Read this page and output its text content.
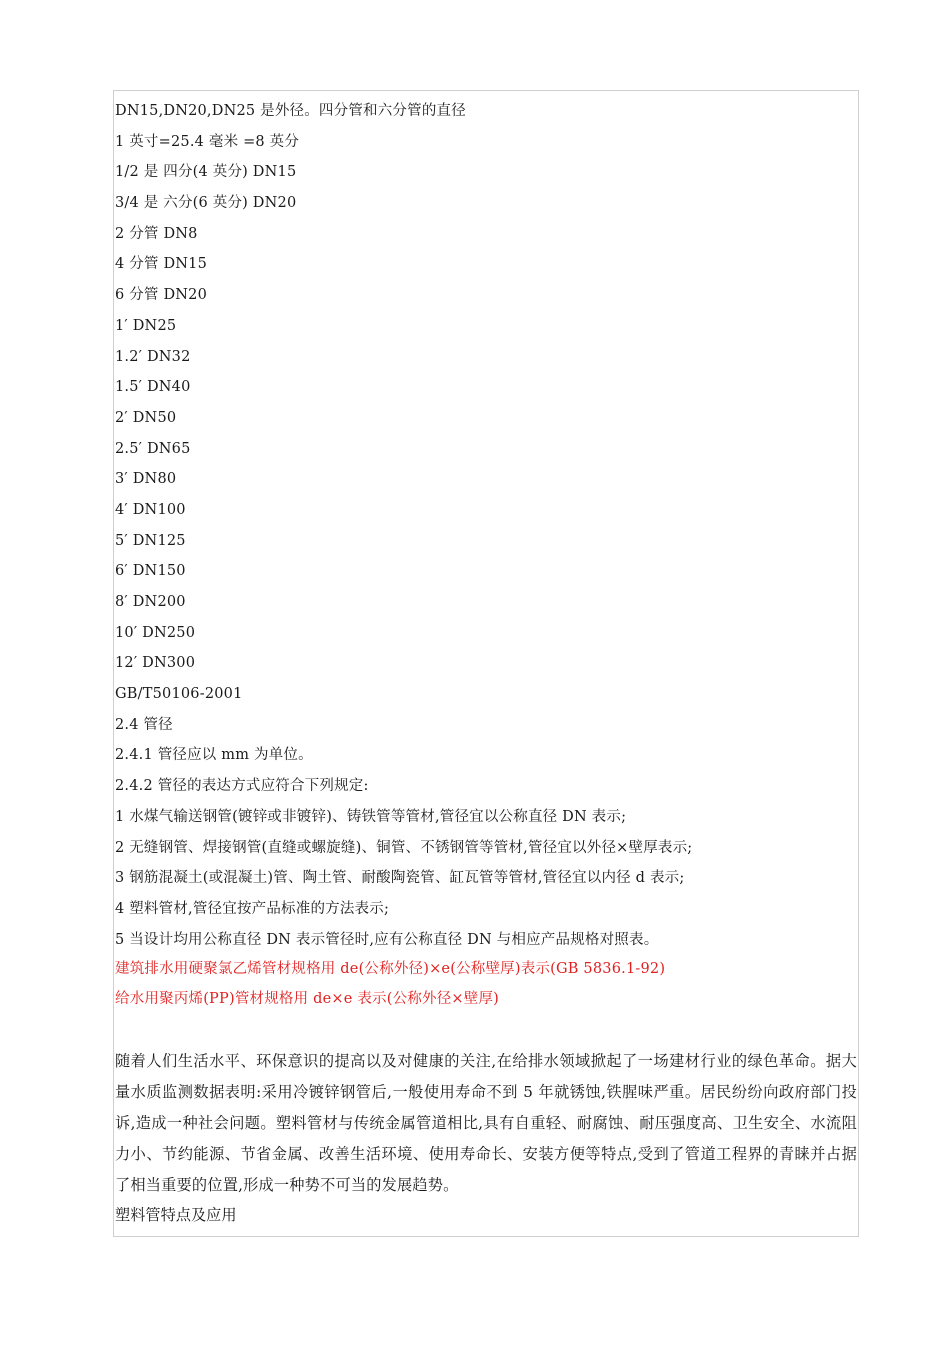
DN15,DN20,DN25 是外径。四分管和六分管的直径
1 英寸=25.4 毫米 =8 英分
1/2 是 四分(4 英分) DN15
3/4 是 六分(6 英分) DN20
2 分管 DN8
4 分管 DN15
6 分管 DN20
1′ DN25
1.2′ DN32
1.5′ DN40
2′ DN50
2.5′ DN65
3′ DN80
4′ DN100
5′ DN125
6′ DN150
8′ DN200
10′ DN250
12′ DN300
GB/T50106-2001
2.4 管径
2.4.1 管径应以 mm 为单位。
2.4.2 管径的表达方式应符合下列规定:
1 水煤气输送钢管(镀锌或非镀锌)、铸铁管等管材,管径宜以公称直径 DN 表示;
2 无缝钢管、焊接钢管(直缝或螺旋缝)、铜管、不锈钢管等管材,管径宜以外径×壁厚表示;
3 钢筋混凝土(或混凝土)管、陶土管、耐酸陶瓷管、缸瓦管等管材,管径宜以内径 d 表示;
4 塑料管材,管径宜按产品标准的方法表示;
5 当设计均用公称直径 DN 表示管径时,应有公称直径 DN 与相应产品规格对照表。
建筑排水用硬聚氯乙烯管材规格用 de(公称外径)×e(公称壁厚)表示(GB 5836.1-92)
给水用聚丙烯(PP)管材规格用 de×e 表示(公称外径×壁厚)

随着人们生活水平、环保意识的提高以及对健康的关注,在给排水领域掀起了一场建材行业的绿色革命。据大量水质监测数据表明:采用冷镀锌钢管后,一般使用寿命不到 5 年就锈蚀,铁腥味严重。居民纷纷向政府部门投诉,造成一种社会问题。塑料管材与传统金属管道相比,具有自重轻、耐腐蚀、耐压强度高、卫生安全、水流阻力小、节约能源、节省金属、改善生活环境、使用寿命长、安装方便等特点,受到了管道工程界的青睐并占据了相当重要的位置,形成一种势不可当的发展趋势。

塑料管特点及应用
